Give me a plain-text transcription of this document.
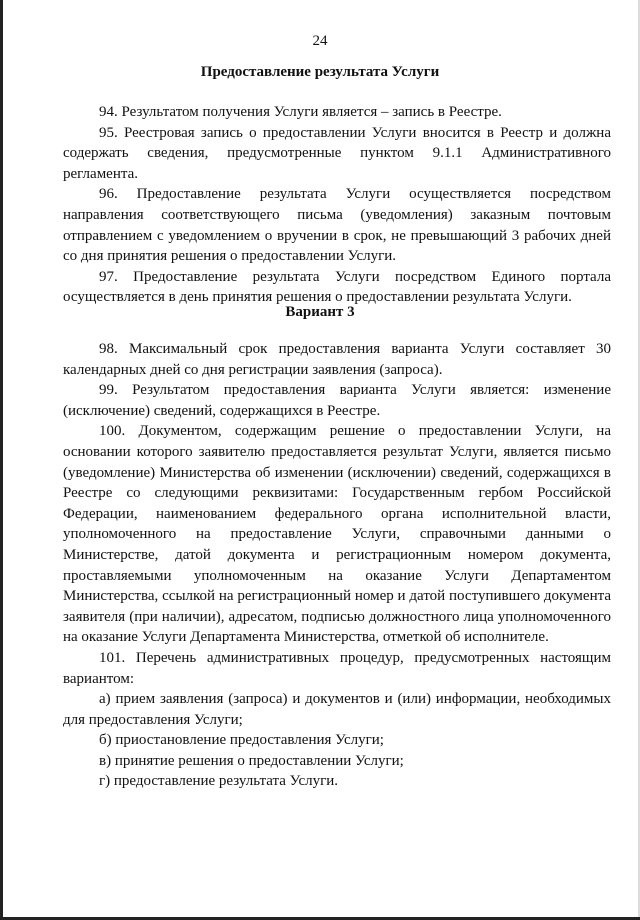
24
Предоставление результата Услуги

94. Результатом получения Услуги является – запись в Реестре.

95. Реестровая запись о предоставлении Услуги вносится в Реестр и должна содержать сведения, предусмотренные пунктом 9.1.1 Административного регламента.

96. Предоставление результата Услуги осуществляется посредством направления соответствующего письма (уведомления) заказным почтовым отправлением с уведомлением о вручении в срок, не превышающий 3 рабочих дней со дня принятия решения о предоставлении Услуги.

97. Предоставление результата Услуги посредством Единого портала осуществляется в день принятия решения о предоставлении результата Услуги.

Вариант 3

98. Максимальный срок предоставления варианта Услуги составляет 30 календарных дней со дня регистрации заявления (запроса).

99. Результатом предоставления варианта Услуги является: изменение (исключение) сведений, содержащихся в Реестре.

100. Документом, содержащим решение о предоставлении Услуги, на основании которого заявителю предоставляется результат Услуги, является письмо (уведомление) Министерства об изменении (исключении) сведений, содержащихся в Реестре со следующими реквизитами: Государственным гербом Российской Федерации, наименованием федерального органа исполнительной власти, уполномоченного на предоставление Услуги, справочными данными о Министерстве, датой документа и регистрационным номером документа, проставляемыми уполномоченным на оказание Услуги Департаментом Министерства, ссылкой на регистрационный номер и датой поступившего документа заявителя (при наличии), адресатом, подписью должностного лица уполномоченного на оказание Услуги Департамента Министерства, отметкой об исполнителе.

101. Перечень административных процедур, предусмотренных настоящим вариантом:

а) прием заявления (запроса) и документов и (или) информации, необходимых для предоставления Услуги;

б) приостановление предоставления Услуги;

в) принятие решения о предоставлении Услуги;

г) предоставление результата Услуги.
